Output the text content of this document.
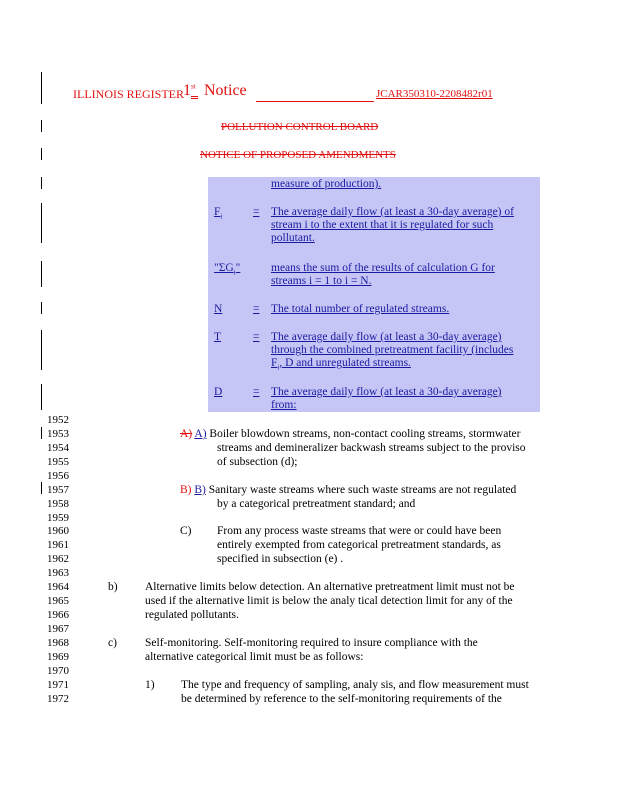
ILLINOIS REGISTER 1st
Notice	JCAR350310-2208482r01
POLLUTION CONTROL BOARD
NOTICE OF PROPOSED AMENDMENTS
measure of production).
$F_i$	= The average daily flow (at least a 30-day average) of
stream i to the extent that it is regulated for such
pollutant.
"$\Sigma G_i$"	means the sum of the results of calculation G for
streams i = 1 to i = N.
N	= The total number of regulated streams.
T	= The average daily flow (at least a 30-day average)
through the combined pretreatment facility (includes
$F_i$, D and unregulated streams.
D	= The average daily flow (at least a 30-day average)
from:
1952
1953
1954
1955
1956
1957
1958
1959
1960
1961
1962
1963
1964
1965
1966
1967
1968
1969
1970
1971
1972
A) A) Boiler blowdown streams, non-contact cooling streams, stormwater
streams and demineralizer backwash streams subject to the proviso
of subsection (d);
B) B) Sanitary waste streams where such waste streams are not regulated
by a categorical pretreatment standard; and
C) From any process waste streams that were or could have been
entirely exempted from categorical pretreatment standards, as
specified in subsection (e) .
b) Alternative limits below detection. An alternative pretreatment limit must not be
used if the alternative limit is below the analy tical detection limit for any of the
regulated pollutants.
c) Self-monitoring. Self-monitoring required to insure compliance with the
alternative categorical limit must be as follows:
1) The type and frequency of sampling, analy sis, and flow measurement must
be determined by reference to the self-monitoring requirements of the
